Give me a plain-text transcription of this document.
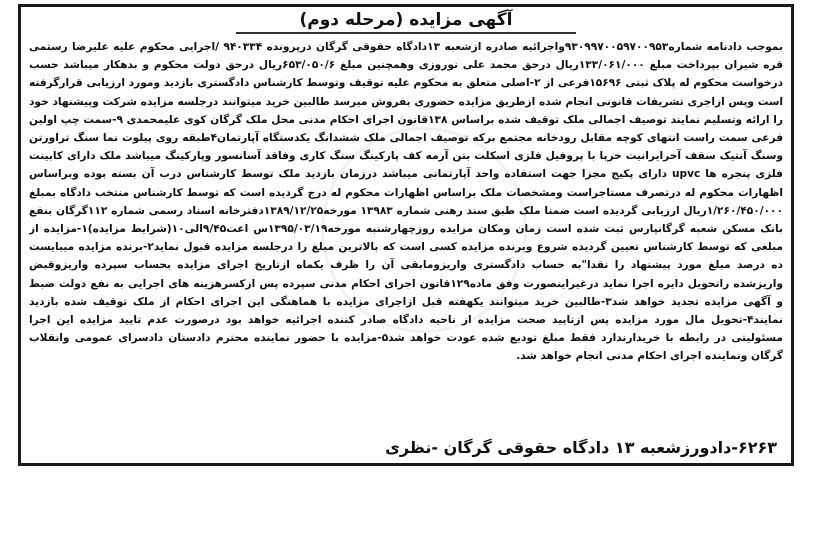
آگهی مزایده (مرحله دوم)
بموجب دادنامه شماره۹۳۰۹۹۷۰۰۵۹۷۰۰۹۵۳واجرائیه صادره ازشعبه ۱۳دادگاه حقوقی گرگان درپرونده ۹۴۰۳۳۴ /اجرایی محکوم علیه علیرضا رستمی قره شیران بپرداخت مبلغ ۱۳۳/۰۶۱/۰۰۰ریال درحق محمد علی نوروزی وهمچنین مبلغ ۶۵۳/۰۵۰/۶ریال درحق دولت محکوم و بدهکار میباشد حسب درخواست محکوم له پلاک ثبتی ۱۵۶۹۶فرعی از ۲-اصلی متعلق به محکوم علیه توقیف وتوسط کارشناس دادگستری بازدید ومورد ارزیابی قرارگرفته است وپس ازاجری تشریفات قانونی انجام شده ازطریق مزایده حضوری بفروش میرسد طالبین خرید میتوانند درجلسه مزایده شرکت وپیشنهاد خود را ارائه وتسلیم نمایند توصیف اجمالی ملک توقیف شده براساس ۱۳۸قانون اجرای احکام مدنی محل ملک گرگان کوی علیمحمدی ۹-سمت چپ اولین فرعی سمت راست انتهای کوچه مقابل رودخانه مجتمع برکه توصیف اجمالی ملک ششدانگ یکدستگاه آپارتمان۴طبقه روی پیلوت نما سنگ تراورتن وسنگ آنتیک سقف آخرایرانیت خرپا با پروفیل فلزی اسکلت بتن آرمه کف پارکینگ سنگ کاری وفاقد آسانسور وپارکینگ میباشد ملک دارای کابینت فلزی پنجره ها upvc دارای پکیج مجزا جهت استفاده واحد آپارتمانی میباشد درزمان بازدید ملک توسط کارشناس درب آن بسته بوده وبراساس اظهارات محکوم له درتصرف مستاجراست ومشخصات ملک براساس اظهارات محکوم له درج گردیده است که توسط کارشناس منتخب دادگاه بمبلغ ۱/۲۶۰/۴۵۰/۰۰۰ریال ارزیابی گردیده است ضمنا ملک طبق سند رهنی شماره ۱۳۹۸۳ مورخه۱۳۸۹/۱۲/۲۵دفترخانه اسناد رسمی شماره ۱۱۲گرگان بنفع بانک مسکن شعبه گرگانپارس ثبت شده است زمان ومکان مزایده روزچهارشنبه مورخه۱۳۹۵/۰۳/۱۹س اعت۹/۴۵الی۱۰(شرایط مزایده)۱-مزایده از مبلغی که توسط کارشناس تعیین گردیده شروع وبرنده مزایده کسی است که بالاترین مبلغ را درجلسه مزایده قبول نماید۲-برنده مزایده میبایست ده درصد مبلغ مورد پیشنهاد را نقدا"به حساب دادگستری واریزومابقی آن را ظرف یکماه ازتاریخ اجرای مزایده بحساب سپرده واریزوقبض واریزشده راتحویل دایره اجرا نماید درغیراینصورت وفق ماده۱۲۹قانون اجرای احکام مدنی سپرده پس ازکسرهزینه های اجرایی به نفع دولت ضبط و آگهی مزایده تجدید خواهد شد۳-طالبین خرید میتوانند یکهفته قبل ازاجرای مزایده با هماهنگی این اجرای احکام از ملک توقیف شده بازدید نمایند۴-تحویل مال مورد مزایده پس ازتایید صحت مزایده از ناحیه دادگاه صادر کننده اجرائیه خواهد بود درصورت عدم تایید مزایده این اجرا مسئولیتی در رابطه با خریدارندارد فقط مبلغ تودیع شده عودت خواهد شد۵-مزایده با حضور نماینده محترم دادستان دادسرای عمومی وانقلاب گرگان ونماینده اجرای احکام مدنی انجام خواهد شد.
۶۲۶۳-دادورزشعبه ۱۳ دادگاه حقوقی گرگان -نظری
